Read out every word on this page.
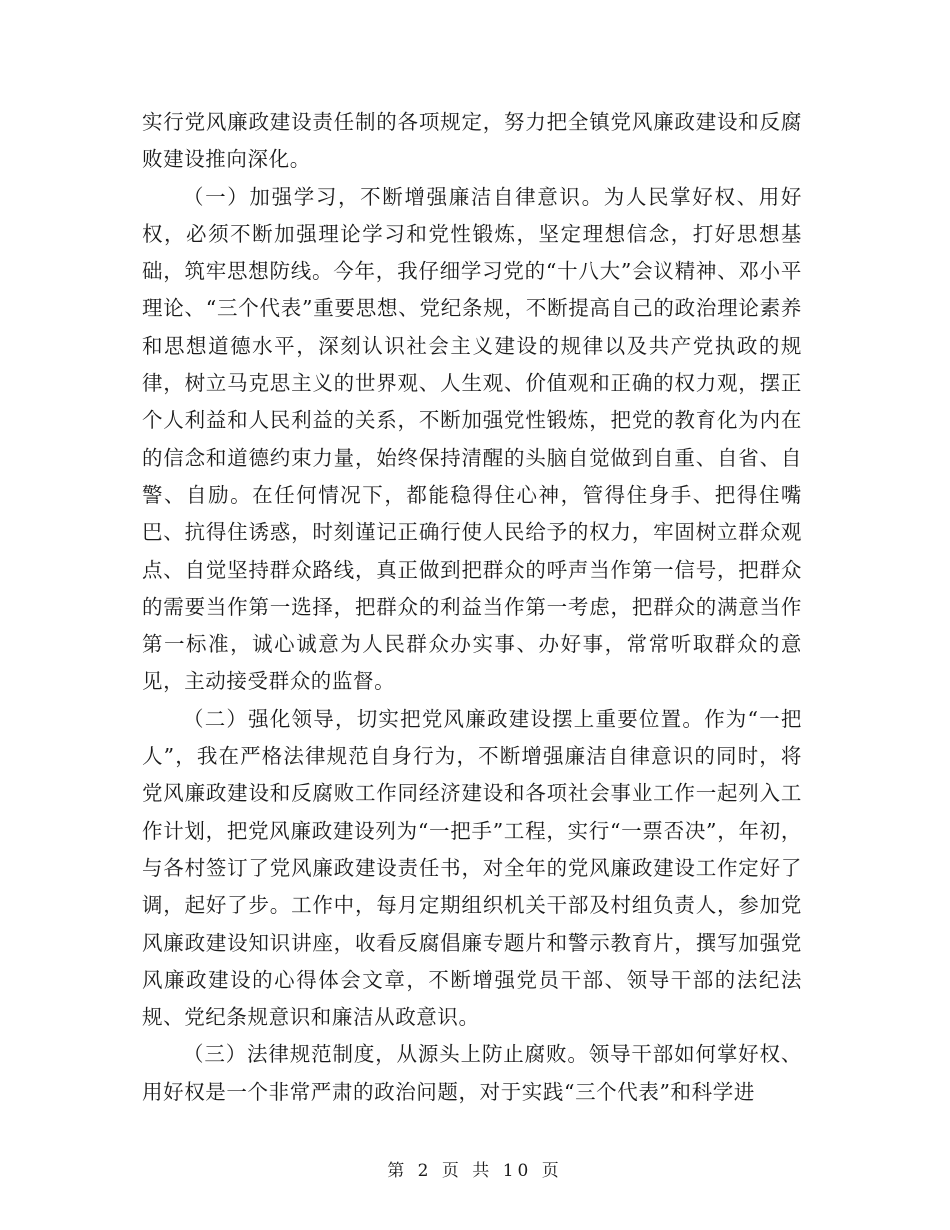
实行党风廉政建设责任制的各项规定，努力把全镇党风廉政建设和反腐败建设推向深化。

（一）加强学习，不断增强廉洁自律意识。为人民掌好权、用好权，必须不断加强理论学习和党性锻炼，坚定理想信念，打好思想基础，筑牢思想防线。今年，我仔细学习党的“十八大”会议精神、邓小平理论、“三个代表”重要思想、党纪条规，不断提高自己的政治理论素养和思想道德水平，深刻认识社会主义建设的规律以及共产党执政的规律，树立马克思主义的世界观、人生观、价值观和正确的权力观，摆正个人利益和人民利益的关系，不断加强党性锻炼，把党的教育化为内在的信念和道德约束力量，始终保持清醒的头脑自觉做到自重、自省、自警、自励。在任何情况下，都能稳得住心神，管得住身手、把得住嘴巴、抗得住诱惑，时刻谨记正确行使人民给予的权力，牢固树立群众观点、自觉坚持群众路线，真正做到把群众的呼声当作第一信号，把群众的需要当作第一选择，把群众的利益当作第一考虑，把群众的满意当作第一标准，诚心诚意为人民群众办实事、办好事，常常听取群众的意见，主动接受群众的监督。

（二）强化领导，切实把党风廉政建设摆上重要位置。作为“一把人”，我在严格法律规范自身行为，不断增强廉洁自律意识的同时，将党风廉政建设和反腐败工作同经济建设和各项社会事业工作一起列入工作计划，把党风廉政建设列为“一把手”工程，实行“一票否决”，年初，与各村签订了党风廉政建设责任书，对全年的党风廉政建设工作定好了调，起好了步。工作中，每月定期组织机关干部及村组负责人，参加党风廉政建设知识讲座，收看反腐倡廉专题片和警示教育片，撰写加强党风廉政建设的心得体会文章，不断增强党员干部、领导干部的法纪法规、党纪条规意识和廉洁从政意识。

（三）法律规范制度，从源头上防止腐败。领导干部如何掌好权、用好权是一个非常严肃的政治问题，对于实践“三个代表”和科学进

第 2 页 共 10 页
